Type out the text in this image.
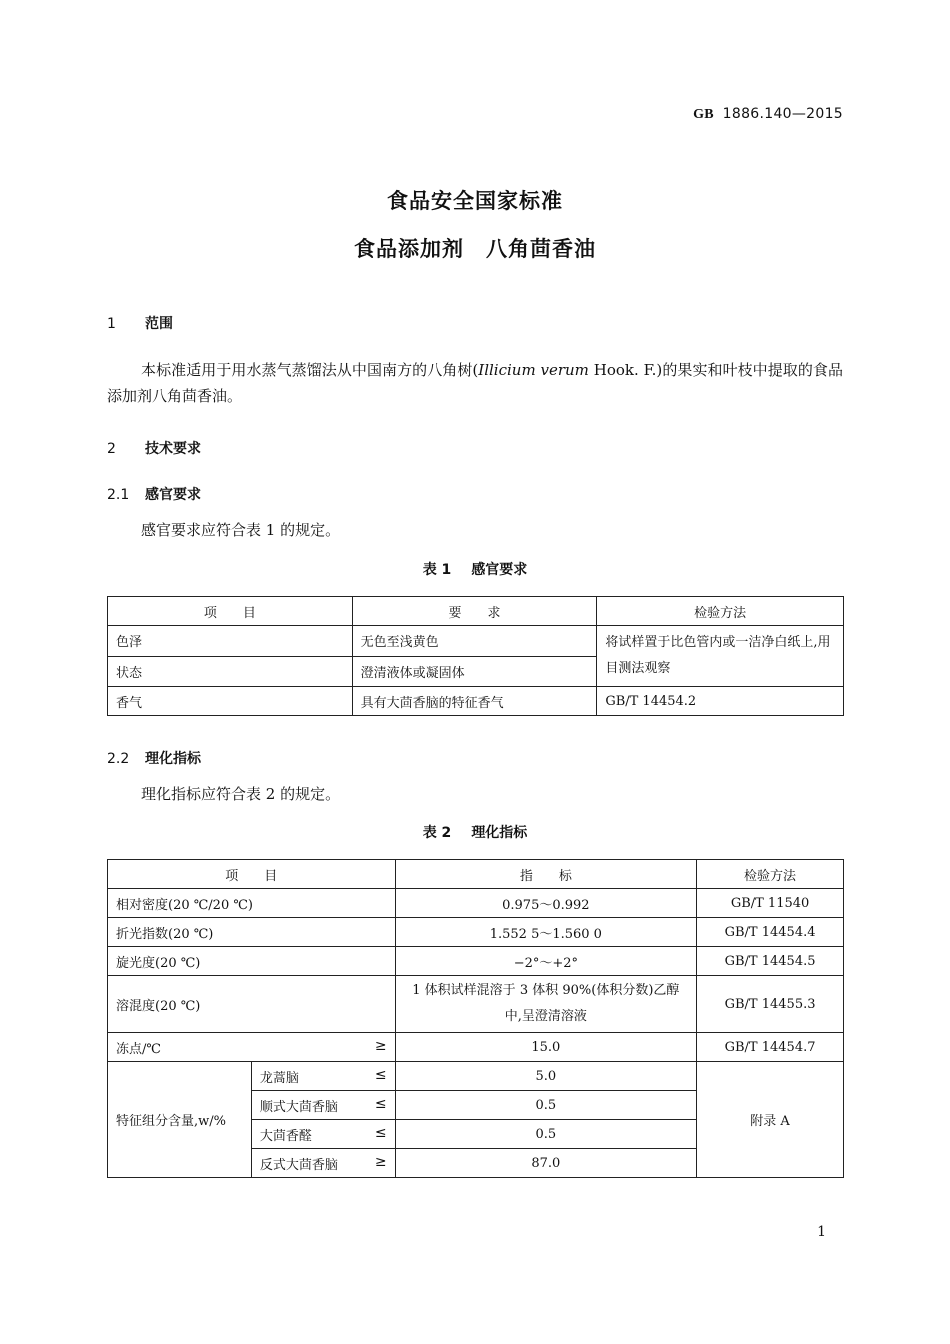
GB 1886.140—2015
食品安全国家标准
食品添加剂　八角茴香油
1 范围
本标准适用于用水蒸气蒸馏法从中国南方的八角树(Illicium verum Hook. F.)的果实和叶枝中提取的食品添加剂八角茴香油。
2 技术要求
2.1 感官要求
感官要求应符合表 1 的规定。
表 1 感官要求
项　　目	要　　求	检验方法
色泽	无色至浅黄色	将试样置于比色管内或一洁净白纸上,用目测法观察
状态	澄清液体或凝固体	
香气	具有大茴香脑的特征香气	GB/T 14454.2
2.2 理化指标
理化指标应符合表 2 的规定。
表 2 理化指标
项　　目		指　　标	检验方法
相对密度(20 ℃/20 ℃)		0.975～0.992	GB/T 11540
折光指数(20 ℃)		1.552 5～1.560 0	GB/T 14454.4
旋光度(20 ℃)		−2°～+2°	GB/T 14454.5
溶混度(20 ℃)		1 体积试样混溶于 3 体积 90%(体积分数)乙醇中,呈澄清溶液	GB/T 14455.3
冻点/℃ ≥		15.0	GB/T 14454.7
特征组分含量,w/%	龙蒿脑 ≤	5.0	附录 A
	顺式大茴香脑 ≤	0.5	
	大茴香醛 ≤	0.5	
	反式大茴香脑 ≥	87.0	
1
